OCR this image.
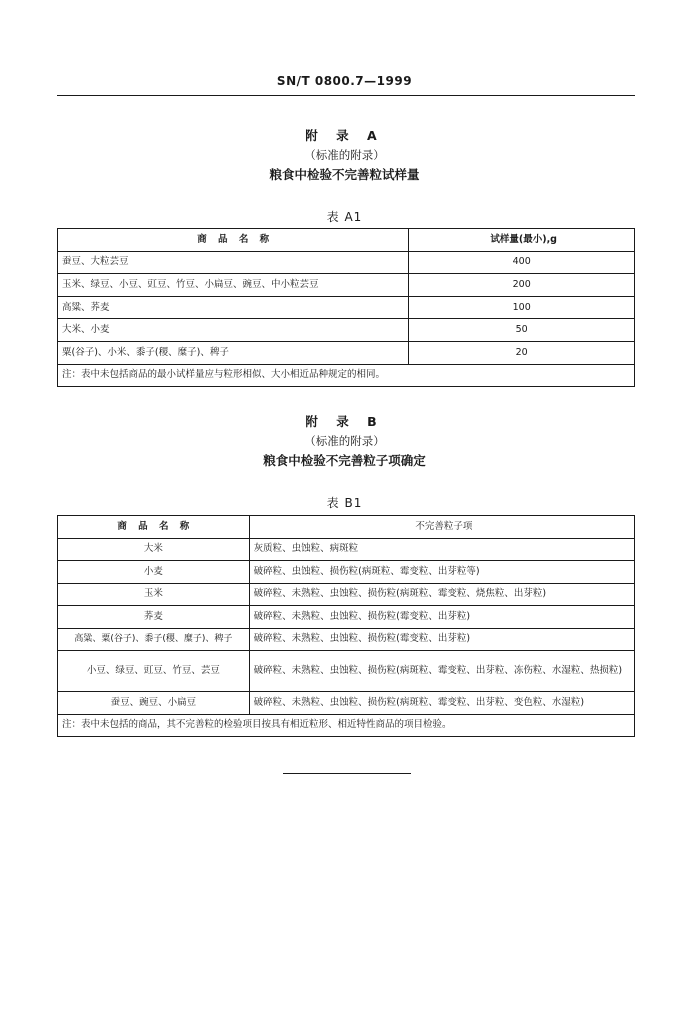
SN/T 0800.7—1999
附 录 A
（标准的附录）
粮食中检验不完善粒试样量
表 A1
商 品 名 称	试样量(最小),g
蚕豆、大粒芸豆	400
玉米、绿豆、小豆、豇豆、竹豆、小扁豆、豌豆、中小粒芸豆	200
高粱、荞麦	100
大米、小麦	50
粟(谷子)、小米、黍子(稷、糜子)、稗子	20
注：表中未包括商品的最小试样量应与粒形相似、大小相近品种规定的相同。	
附 录 B
（标准的附录）
粮食中检验不完善粒子项确定
表 B1
商 品 名 称	不完善粒子项
大米	灰质粒、虫蚀粒、病斑粒
小麦	破碎粒、虫蚀粒、损伤粒(病斑粒、霉变粒、出芽粒等)
玉米	破碎粒、未熟粒、虫蚀粒、损伤粒(病斑粒、霉变粒、烧焦粒、出芽粒)
荞麦	破碎粒、未熟粒、虫蚀粒、损伤粒(霉变粒、出芽粒)
高粱、粟(谷子)、黍子(稷、糜子)、稗子	破碎粒、未熟粒、虫蚀粒、损伤粒(霉变粒、出芽粒)
小豆、绿豆、豇豆、竹豆、芸豆	破碎粒、未熟粒、虫蚀粒、损伤粒(病斑粒、霉变粒、出芽粒、冻伤粒、水湿粒、热损粒)
蚕豆、豌豆、小扁豆	破碎粒、未熟粒、虫蚀粒、损伤粒(病斑粒、霉变粒、出芽粒、变色粒、水湿粒)
注：表中未包括的商品，其不完善粒的检验项目按具有相近粒形、相近特性商品的项目检验。	
